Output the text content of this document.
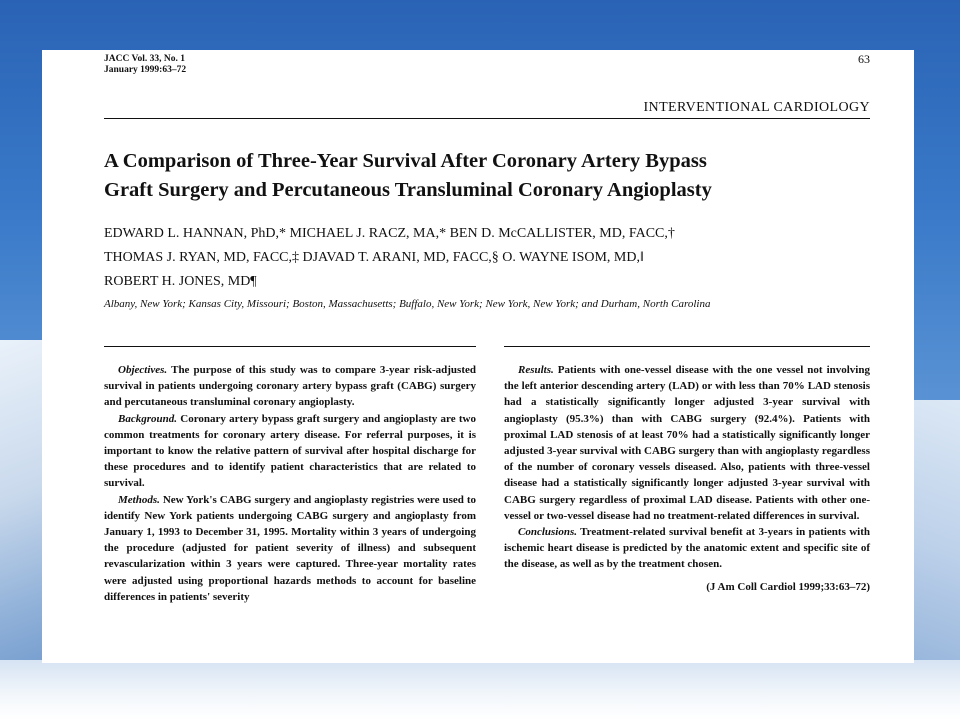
JACC Vol. 33, No. 1
January 1999:63–72
63
INTERVENTIONAL CARDIOLOGY
A Comparison of Three-Year Survival After Coronary Artery Bypass
Graft Surgery and Percutaneous Transluminal Coronary Angioplasty

EDWARD L. HANNAN, PhD,* MICHAEL J. RACZ, MA,* BEN D. McCALLISTER, MD, FACC,†
THOMAS J. RYAN, MD, FACC,‡ DJAVAD T. ARANI, MD, FACC,§ O. WAYNE ISOM, MD,‖
ROBERT H. JONES, MD¶

Albany, New York; Kansas City, Missouri; Boston, Massachusetts; Buffalo, New York; New York, New York; and Durham, North Carolina

Objectives. The purpose of this study was to compare 3-year risk-adjusted survival in patients undergoing coronary artery bypass graft (CABG) surgery and percutaneous transluminal coronary angioplasty.

Background. Coronary artery bypass graft surgery and angioplasty are two common treatments for coronary artery disease. For referral purposes, it is important to know the relative pattern of survival after hospital discharge for these procedures and to identify patient characteristics that are related to survival.

Methods. New York's CABG surgery and angioplasty registries were used to identify New York patients undergoing CABG surgery and angioplasty from January 1, 1993 to December 31, 1995. Mortality within 3 years of undergoing the procedure (adjusted for patient severity of illness) and subsequent revascularization within 3 years were captured. Three-year mortality rates were adjusted using proportional hazards methods to account for baseline differences in patients' severity

Results. Patients with one-vessel disease with the one vessel not involving the left anterior descending artery (LAD) or with less than 70% LAD stenosis had a statistically significantly longer adjusted 3-year survival with angioplasty (95.3%) than with CABG surgery (92.4%). Patients with proximal LAD stenosis of at least 70% had a statistically significantly longer adjusted 3-year survival with CABG surgery than with angioplasty regardless of the number of coronary vessels diseased. Also, patients with three-vessel disease had a statistically significantly longer adjusted 3-year survival with CABG surgery regardless of proximal LAD disease. Patients with other one-vessel or two-vessel disease had no treatment-related differences in survival.

Conclusions. Treatment-related survival benefit at 3-years in patients with ischemic heart disease is predicted by the anatomic extent and specific site of the disease, as well as by the treatment chosen.

(J Am Coll Cardiol 1999;33:63–72)
